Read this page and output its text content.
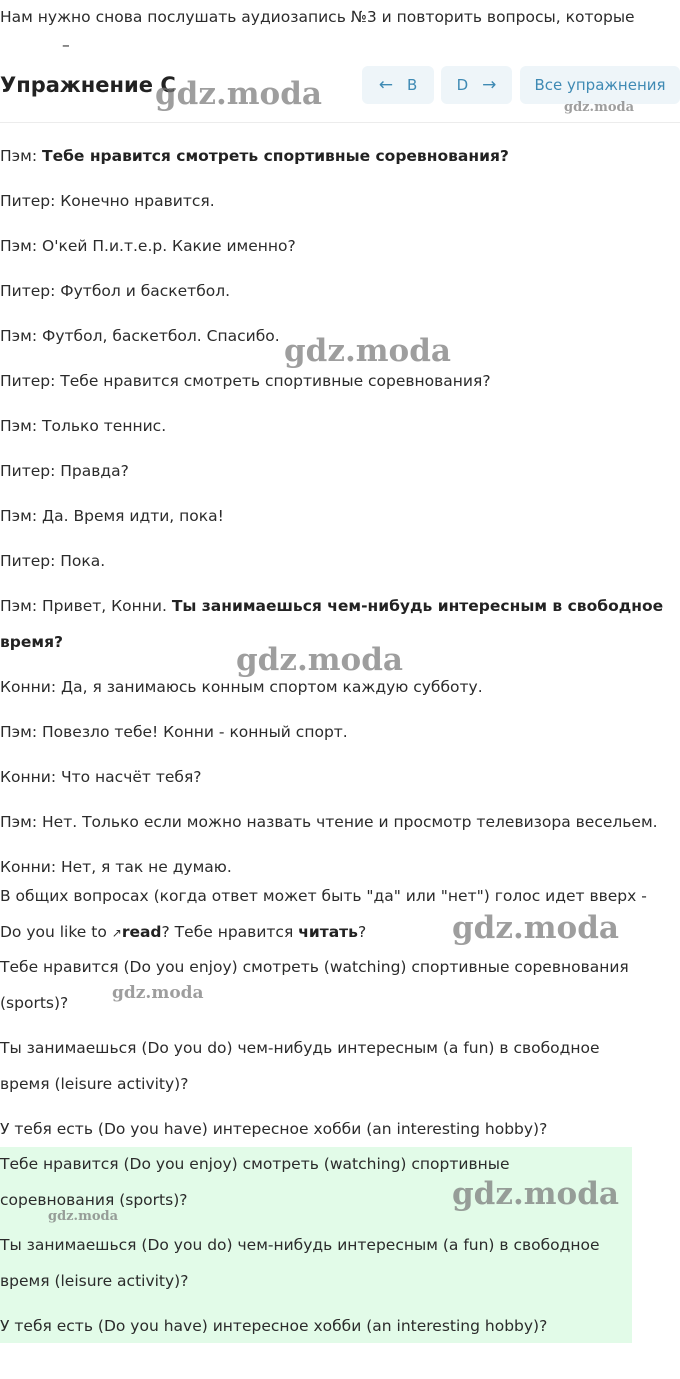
Нам нужно снова послушать аудиозапись №3 и повторить вопросы, которые
–
Упражнение C	← B	D →	Все упражнения
Пэм: Тебе нравится смотреть спортивные соревнования?
Питер: Конечно нравится.
Пэм: О'кей П.и.т.е.р. Какие именно?
Питер: Футбол и баскетбол.
Пэм: Футбол, баскетбол. Спасибо.
Питер: Тебе нравится смотреть спортивные соревнования?
Пэм: Только теннис.
Питер: Правда?
Пэм: Да. Время идти, пока!
Питер: Пока.
Пэм: Привет, Конни. Ты занимаешься чем-нибудь интересным в свободное
время?
Конни: Да, я занимаюсь конным спортом каждую субботу.
Пэм: Повезло тебе! Конни - конный спорт.
Конни: Что насчёт тебя?
Пэм: Нет. Только если можно назвать чтение и просмотр телевизора весельем.
Конни: Нет, я так не думаю.
В общих вопросах (когда ответ может быть "да" или "нет") голос идет вверх -
Do you like to ↗read? Тебе нравится читать?
Тебе нравится (Do you enjoy) смотреть (watching) спортивные соревнования
(sports)?
Ты занимаешься (Do you do) чем-нибудь интересным (a fun) в свободное
время (leisure activity)?
У тебя есть (Do you have) интересное хобби (an interesting hobby)?
Тебе нравится (Do you enjoy) смотреть (watching) спортивные
соревнования (sports)?
Ты занимаешься (Do you do) чем-нибудь интересным (a fun) в свободное
время (leisure activity)?
У тебя есть (Do you have) интересное хобби (an interesting hobby)?
gdz.moda	gdz.moda
gdz.moda
gdz.moda
gdz.moda
gdz.moda
gdz.moda
gdz.moda
